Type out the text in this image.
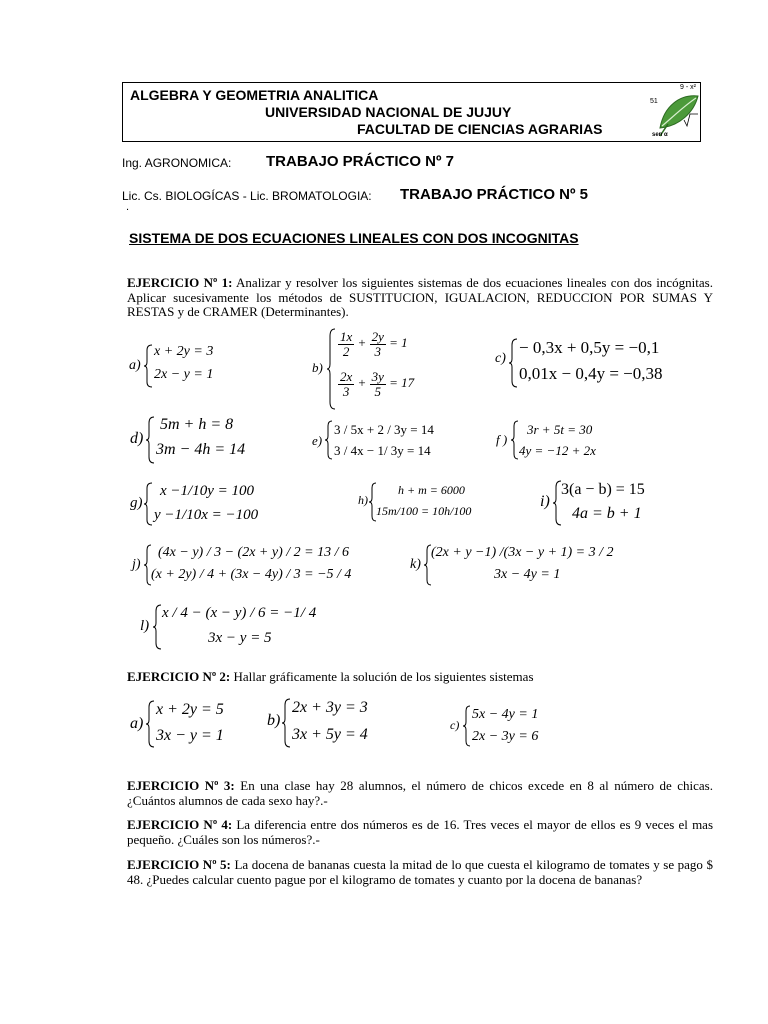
ALGEBRA Y GEOMETRIA ANALITICA
UNIVERSIDAD NACIONAL DE JUJUY
FACULTAD DE CIENCIAS AGRARIAS
9 - x²
51
sen α
Ing. AGRONOMICA: TRABAJO PRÁCTICO Nº 7
Lic. Cs. BIOLOGÍCAS - Lic. BROMATOLOGIA: TRABAJO PRÁCTICO Nº 5
.
SISTEMA DE DOS ECUACIONES LINEALES CON DOS INCOGNITAS
EJERCICIO Nº 1: Analizar y resolver los siguientes sistemas de dos ecuaciones lineales con dos incógnitas. Aplicar sucesivamente los métodos de SUSTITUCION, IGUALACION, REDUCCION POR SUMAS Y RESTAS y de CRAMER (Determinantes).
a)
x + 2y = 3
2x − y = 1	b)
$\frac{1x}{2} + \frac{2y}{3} = 1$
$\frac{2x}{3} + \frac{3y}{5} = 17$
c)
− 0,3x + 0,5y = −0,1
0,01x − 0,4y = −0,38
d)
5m + h = 8
3m − 4h = 14
e)
3 / 5x + 2 / 3y = 14
3 / 4x − 1/ 3y = 14
f )
3r + 5t = 30
4y = −12 + 2x
g)
x −1/10y = 100
y −1/10x = −100
h)
h + m = 6000
15m/100 = 10h/100
i)
3(a − b) = 15
4a = b + 1
j)
(4x − y) / 3 − (2x + y) / 2 = 13 / 6
(x + 2y) / 4 + (3x − 4y) / 3 = −5 / 4
k)
(2x + y −1) /(3x − y + 1) = 3 / 2
3x − 4y = 1
l)
x / 4 − (x − y) / 6 = −1/ 4
3x − y = 5
EJERCICIO Nº 2: Hallar gráficamente la solución de los siguientes sistemas
a)
x + 2y = 5
3x − y = 1
b)
2x + 3y = 3
3x + 5y = 4
c)
5x − 4y = 1
2x − 3y = 6
EJERCICIO Nº 3: En una clase hay 28 alumnos, el número de chicos excede en 8 al número de chicas. ¿Cuántos alumnos de cada sexo hay?.-
EJERCICIO Nº 4: La diferencia entre dos números es de 16. Tres veces el mayor de ellos es 9 veces el mas pequeño. ¿Cuáles son los números?.-
EJERCICIO Nº 5: La docena de bananas cuesta la mitad de lo que cuesta el kilogramo de tomates y se pago $ 48. ¿Puedes calcular cuento pague por el kilogramo de tomates y cuanto por la docena de bananas?
